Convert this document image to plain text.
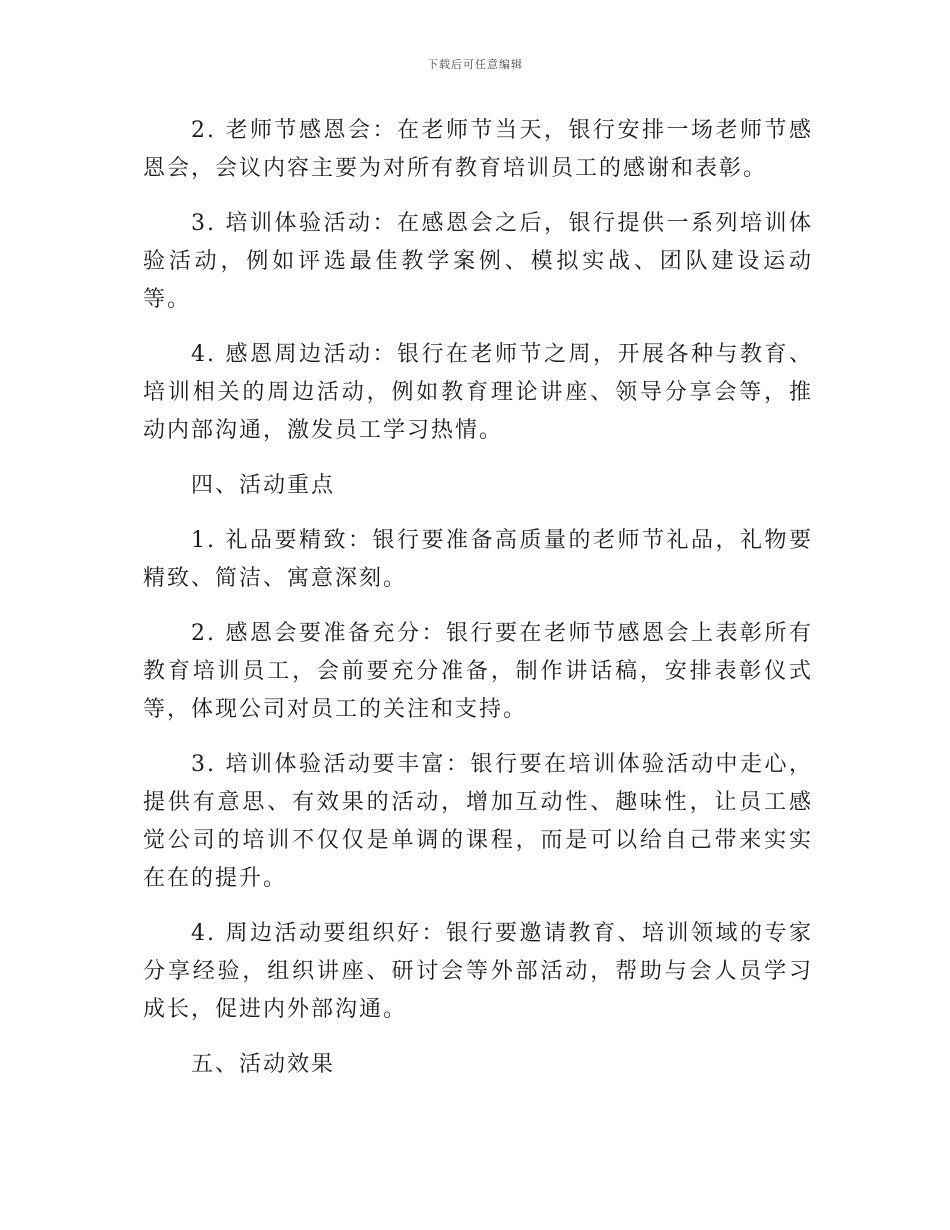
下载后可任意编辑

2. 老师节感恩会：在老师节当天，银行安排一场老师节感恩会，会议内容主要为对所有教育培训员工的感谢和表彰。

3. 培训体验活动：在感恩会之后，银行提供一系列培训体验活动，例如评选最佳教学案例、模拟实战、团队建设运动等。

4. 感恩周边活动：银行在老师节之周，开展各种与教育、培训相关的周边活动，例如教育理论讲座、领导分享会等，推动内部沟通，激发员工学习热情。

四、活动重点

1. 礼品要精致：银行要准备高质量的老师节礼品，礼物要精致、简洁、寓意深刻。

2. 感恩会要准备充分：银行要在老师节感恩会上表彰所有教育培训员工，会前要充分准备，制作讲话稿，安排表彰仪式等，体现公司对员工的关注和支持。

3. 培训体验活动要丰富：银行要在培训体验活动中走心，提供有意思、有效果的活动，增加互动性、趣味性，让员工感觉公司的培训不仅仅是单调的课程，而是可以给自己带来实实在在的提升。

4. 周边活动要组织好：银行要邀请教育、培训领域的专家分享经验，组织讲座、研讨会等外部活动，帮助与会人员学习成长，促进内外部沟通。

五、活动效果
